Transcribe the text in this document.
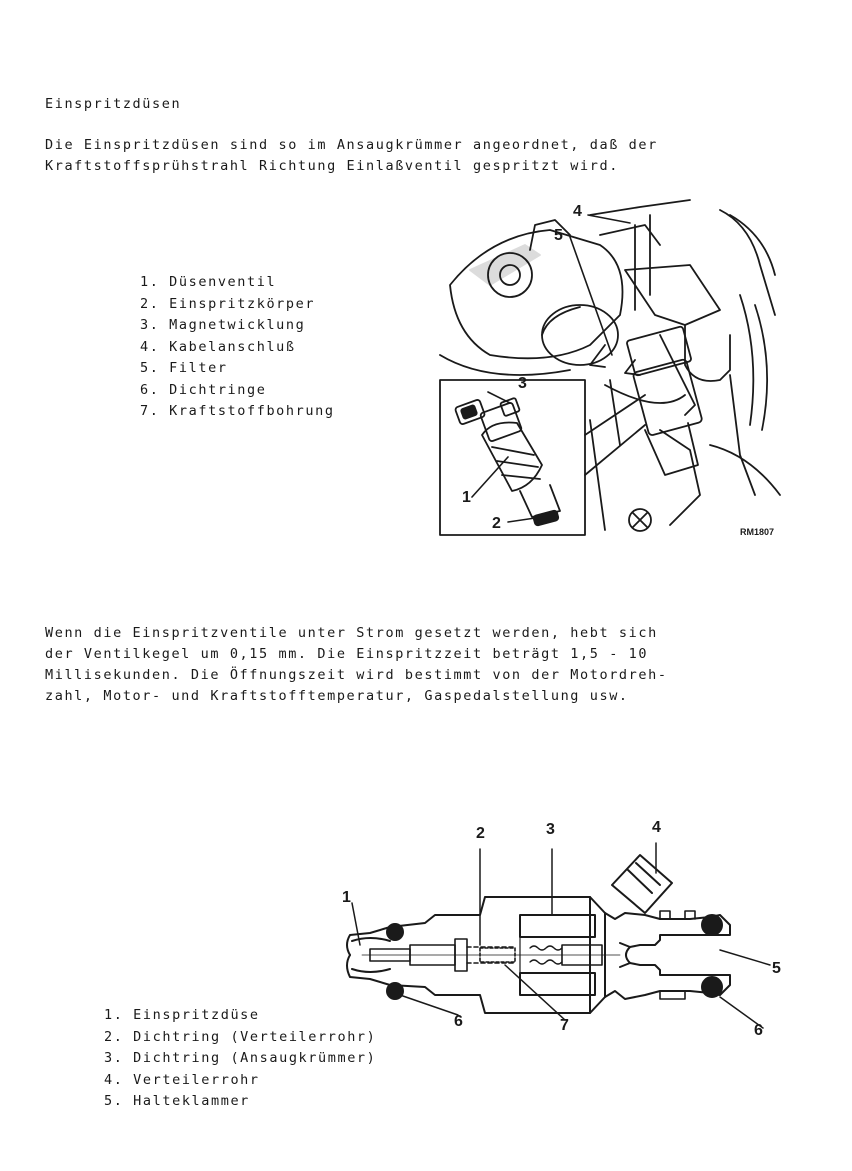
Einspritzdüsen
Die Einspritzdüsen sind so im Ansaugkrümmer angeordnet, daß der
Kraftstoffsprühstrahl Richtung Einlaßventil gespritzt wird.
1. Düsenventil
2. Einspritzkörper
3. Magnetwicklung
4. Kabelanschluß
5. Filter
6. Dichtringe
7. Kraftstoffbohrung
4
5
3
1
2	RM1807
Wenn die Einspritzventile unter Strom gesetzt werden, hebt sich
der Ventilkegel um 0,15 mm. Die Einspritzzeit beträgt 1,5 - 10
Millisekunden. Die Öffnungszeit wird bestimmt von der Motordreh-
zahl, Motor- und Kraftstofftemperatur, Gaspedalstellung usw.
1
2	3	4
5
6
6
7
1. Einspritzdüse
2. Dichtring (Verteilerrohr)
3. Dichtring (Ansaugkrümmer)
4. Verteilerrohr
5. Halteklammer
